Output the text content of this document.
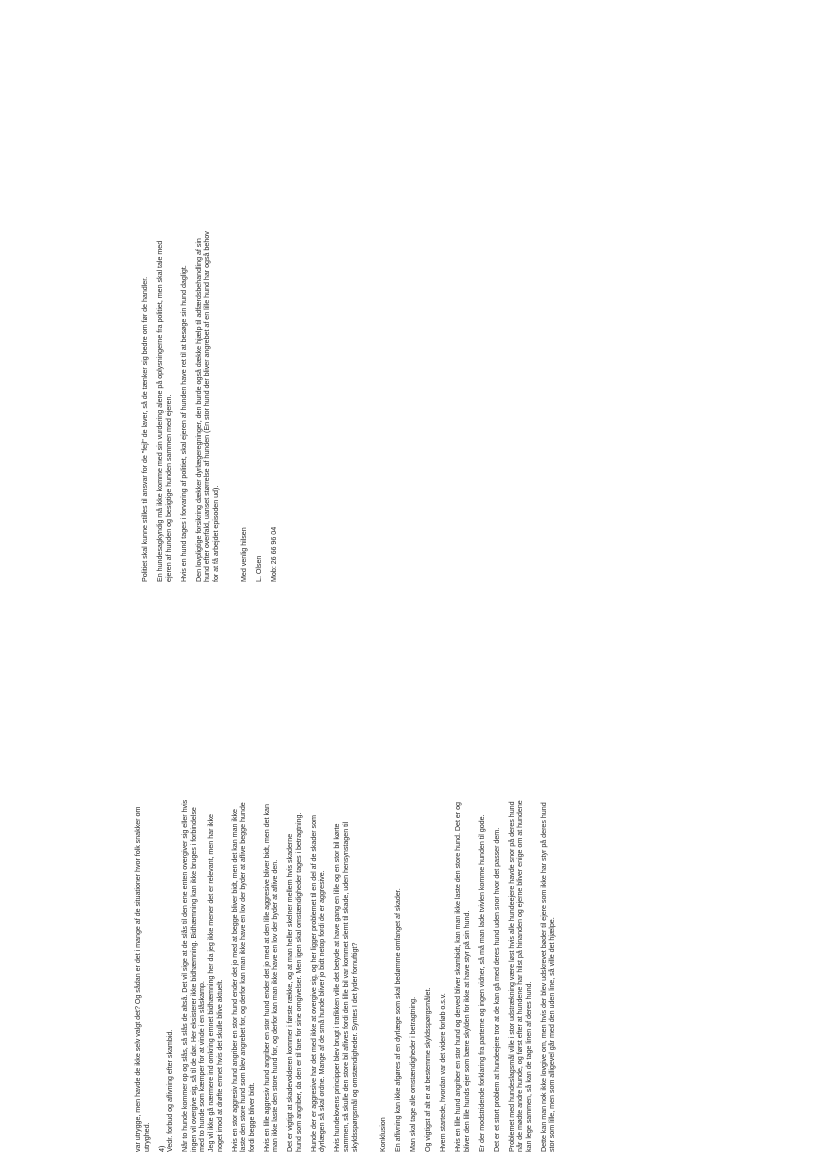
var utrygge, men havde de ikke selv valgt det? Og sådan er det i mange af de situationer hvor folk snakker om utryghed. 4) Vedr. forbud og aflivning efter skambid. Når to hunde kommer op og slås, så slås de altså. Det vil sige at de slås til den ene enten overgiver sig eller hvis ingen vil overgive sig, så til de dør. Her eksisterer ikke bidhæmning. Bidhæmning kan ikke bruges i forbindelse med to hunde som kæmper for at vinde i en slåskamp. Jeg vil ikke gå nærmere ind omkring emnet bidhæmning her da jeg ikke mener det er relevant, men har ikke noget imod at drøfte emnet hvis det skulle blive aktuelt. Hvis en stor aggresiv hund angriber en stor hund ender det jo med at begge bliver bidt, men det kan man ikke laste den store hund som blev angrebet for, og derfor kan man ikke have en lov der byder at aflive begge hunde fordi begge bliver bidt. Hvis en lille aggresiv hund angriber en stor hund ender det jo med at den lille aggresive bliver bidt, men det kan man ikke laste den store hund for, og derfor kan man ikke have en lov der byder at aflive den. Det er vigtigt at skadevolderen kommer i første række, og at man heller skelner mellem hvis skaderne hund som angriber, da den er til fare for sine omgivelser. Men igen skal omstændigheder tages i betragtning. Hunde der er aggresive har det med ikke at overgive sig, og her ligger problemet til en del af de skader som dyrlægen så skal ordne. Mange af de små hunde bliver jo bidt netop fordi de er aggresive. Hvis hundelovens principper blev brugt i trafikken ville det betyde at have gang en lille og en stor bil kørte sammen, så skulle den store bil aflives fordi den lille bil var kommet slemt til skade, uden hensynstagen til skyldsspørgsmål og omstændigheder. Syntes I det lyder fornuftigt?	Konklusion En aflivning kan ikke afgøres af en dyrlæge som skal bedømme omfanget af skader. Man skal tage alle omstændigheder i betragtning. Og vigtigst af alt er at bestemme skyldsspørgsmålet. Hvem startede, hvordan var det videre forløb o.s.v. Hvis en lille hund angriber en stor hund og derved bliver skambidt, kan man ikke laste den store hund. Det er og bliver den lille hunds ejer som bære skylden for ikke at have styr på sin hund. Er der modstridende forklaring fra parterne og ingen vidner, så må man lade tvivlen komme hunden til gode. Det er et stort problem at hundeejere tror at de kan gå med deres hund uden snor hvor det passer dem. Problemet med hundeslagsmål ville i stor udstrækning være løst hvis alle hundeejere havde snor på deres hund når de mødte andre hunde, og først efter at hundene har hilst på hinanden og ejerne bliver enige om at hundene kan lege sammen, så kan de tage linen af deres hund. Dette kan man nok ikke lovgive om, men hvis der blev udskrevet bøder til ejere som ikke har styr på deres hund stor som lille, men som alligevel går med den uden line, så ville det hjælpe.

Politiet skal kunne stilles til ansvar for de "fejl" de laver, så de tænker sig bedre om før de handler. En hundesagkyndig må ikke komme med sin vurdering alene på oplysningerne fra politiet, men skal tale med ejeren af hunden og besigtige hunden sammen med ejeren. Hvis en hund tages i forvaring af politiet, skal ejeren af hunden have ret til at besøge sin hund dagligt. Den lovpligtige forsikring dækker dyrlægeregninger, den burde også dække hjælp til adfærdsbehandling af sin hund efter overfald, uanset størrelse af hunden (En stor hund der bliver angrebet af en lille hund har også behov for at få arbejdet episoden ud).	Med venlig hilsen L. Olsen Mob: 26 66 96 04
